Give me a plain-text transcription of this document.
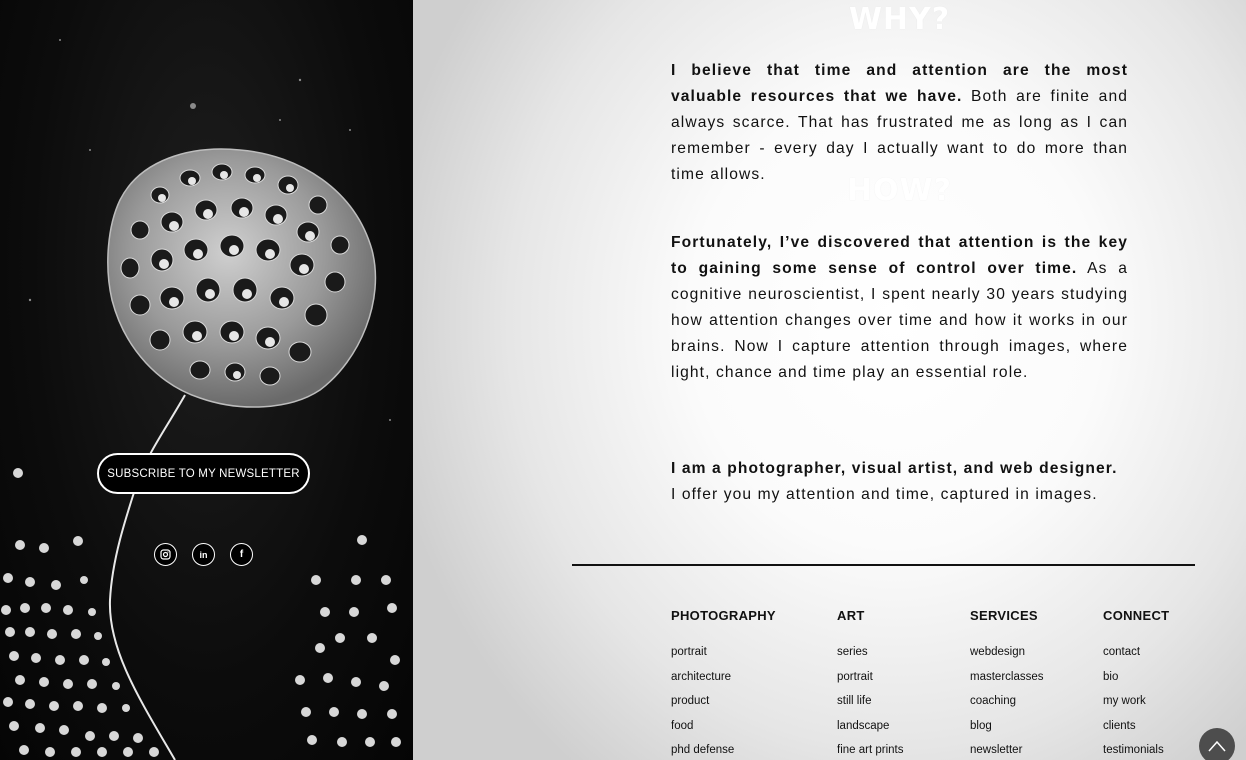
SUBSCRIBE TO MY NEWSLETTER
in	f
WHY?

I believe that time and attention are the most valuable resources that we have. Both are finite and always scarce. That has frustrated me as long as I can remember - every day I actually want to do more than time allows.	HOW?

Fortunately, I’ve discovered that attention is the key to gaining some sense of control over time. As a cognitive neuroscientist, I spent nearly 30 years studying how attention changes over time and how it works in our brains. Now I capture attention through images, where light, chance and time play an essential role.

I am a photographer, visual artist, and web designer.
I offer you my attention and time, captured in images.
PHOTOGRAPHY
portrait
architecture
product
food
phd defense
ART
series
portrait
still life
landscape
fine art prints
SERVICES
webdesign
masterclasses
coaching
blog
newsletter
CONNECT
contact
bio
my work
clients
testimonials
